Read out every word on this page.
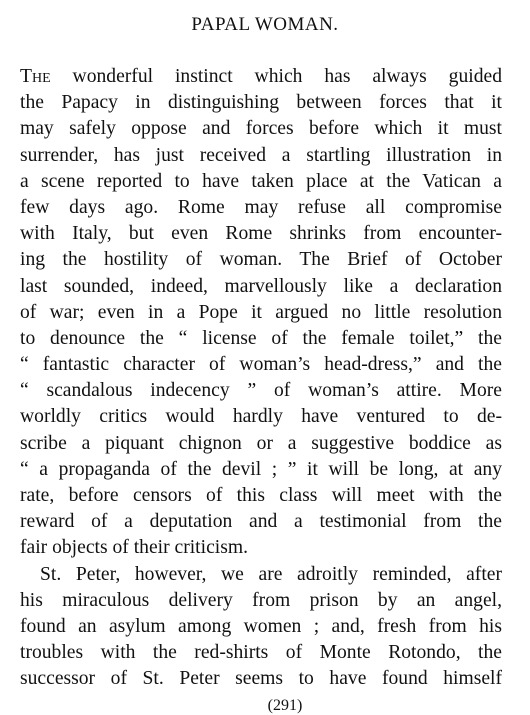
PAPAL WOMAN.
The wonderful instinct which has always guided
the Papacy in distinguishing between forces that it
may safely oppose and forces before which it must
surrender, has just received a startling illustration in
a scene reported to have taken place at the Vatican a
few days ago. Rome may refuse all compromise
with Italy, but even Rome shrinks from encounter-
ing the hostility of woman. The Brief of October
last sounded, indeed, marvellously like a declaration
of war; even in a Pope it argued no little resolution
to denounce the “ license of the female toilet,” the
“ fantastic character of woman’s head-dress,” and the
“ scandalous indecency ” of woman’s attire. More
worldly critics would hardly have ventured to de-
scribe a piquant chignon or a suggestive boddice as
“ a propaganda of the devil ; ” it will be long, at any
rate, before censors of this class will meet with the
reward of a deputation and a testimonial from the
fair objects of their criticism.
St. Peter, however, we are adroitly reminded, after
his miraculous delivery from prison by an angel,
found an asylum among women ; and, fresh from his
troubles with the red-shirts of Monte Rotondo, the
successor of St. Peter seems to have found himself
(291)
